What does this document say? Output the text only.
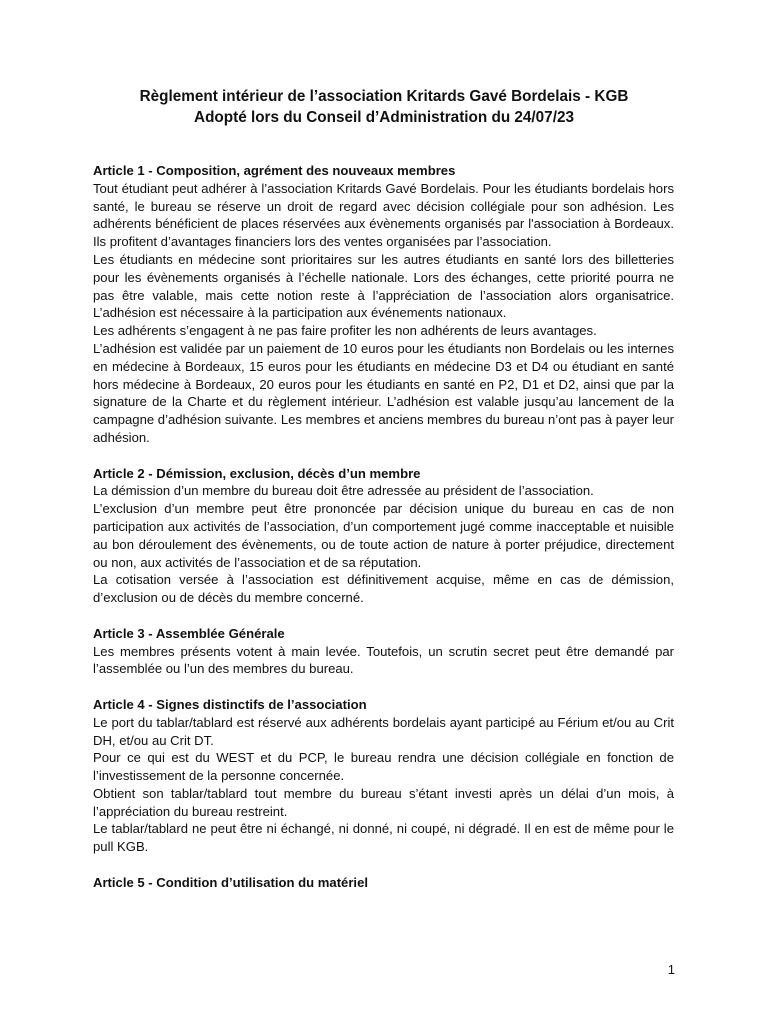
Règlement intérieur de l’association Kritards Gavé Bordelais - KGB
Adopté lors du Conseil d’Administration du 24/07/23

Article 1 - Composition, agrément des nouveaux membres

Tout étudiant peut adhérer à l’association Kritards Gavé Bordelais. Pour les étudiants bordelais hors santé, le bureau se réserve un droit de regard avec décision collégiale pour son adhésion. Les adhérents bénéficient de places réservées aux évènements organisés par l'association à Bordeaux. Ils profitent d’avantages financiers lors des ventes organisées par l’association.

Les étudiants en médecine sont prioritaires sur les autres étudiants en santé lors des billetteries pour les évènements organisés à l’échelle nationale. Lors des échanges, cette priorité pourra ne pas être valable, mais cette notion reste à l’appréciation de l’association alors organisatrice. L’adhésion est nécessaire à la participation aux événements nationaux.

Les adhérents s’engagent à ne pas faire profiter les non adhérents de leurs avantages.

L’adhésion est validée par un paiement de 10 euros pour les étudiants non Bordelais ou les internes en médecine à Bordeaux, 15 euros pour les étudiants en médecine D3 et D4 ou étudiant en santé hors médecine à Bordeaux, 20 euros pour les étudiants en santé en P2, D1 et D2, ainsi que par la signature de la Charte et du règlement intérieur. L’adhésion est valable jusqu’au lancement de la campagne d’adhésion suivante. Les membres et anciens membres du bureau n’ont pas à payer leur adhésion.

Article 2 - Démission, exclusion, décès d’un membre

La démission d’un membre du bureau doit être adressée au président de l’association.

L’exclusion d’un membre peut être prononcée par décision unique du bureau en cas de non participation aux activités de l’association, d’un comportement jugé comme inacceptable et nuisible au bon déroulement des évènements, ou de toute action de nature à porter préjudice, directement ou non, aux activités de l’association et de sa réputation.

La cotisation versée à l’association est définitivement acquise, même en cas de démission, d’exclusion ou de décès du membre concerné.

Article 3 - Assemblée Générale

Les membres présents votent à main levée. Toutefois, un scrutin secret peut être demandé par l’assemblée ou l’un des membres du bureau.

Article 4 - Signes distinctifs de l’association

Le port du tablar/tablard est réservé aux adhérents bordelais ayant participé au Férium et/ou au Crit DH, et/ou au Crit DT.

Pour ce qui est du WEST et du PCP, le bureau rendra une décision collégiale en fonction de l’investissement de la personne concernée.

Obtient son tablar/tablard tout membre du bureau s’étant investi après un délai d’un mois, à l’appréciation du bureau restreint.

Le tablar/tablard ne peut être ni échangé, ni donné, ni coupé, ni dégradé. Il en est de même pour le pull KGB.

Article 5 - Condition d’utilisation du matériel

1
